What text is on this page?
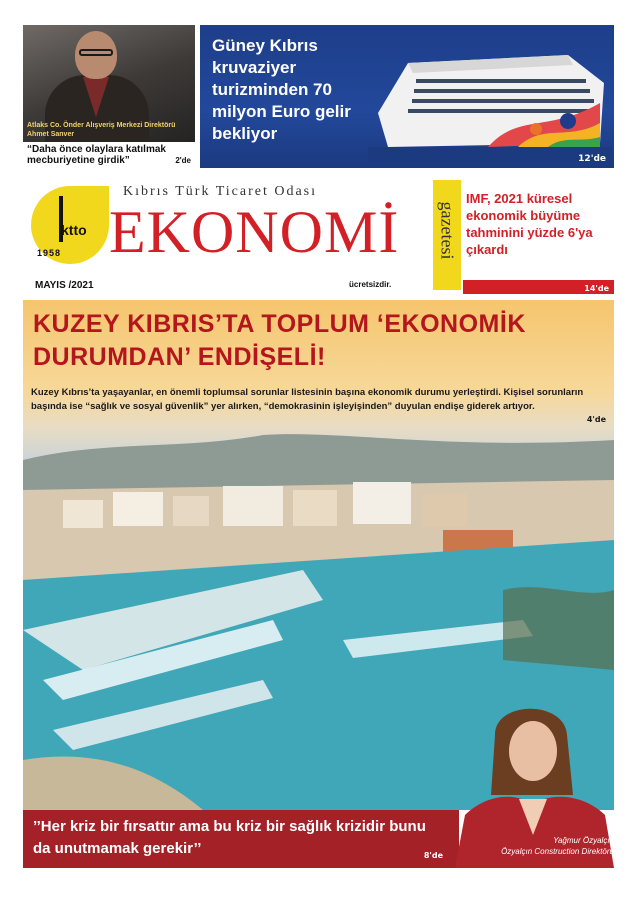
Atlaks Co. Önder Alışveriş Merkezi Direktörü Ahmet Sanver
“Daha önce olaylara katılmak mecburiyetine girdik”	2'de
Güney Kıbrıs kruvaziyer turizminden 70 milyon Euro gelir bekliyor
12'de
ktto
1958
Kıbrıs Türk Ticaret Odası
EKONOMİ gazetesi
MAYIS /2021	ücretsizdir.
IMF, 2021 küresel ekonomik büyüme tahminini yüzde 6'ya çıkardı
14'de
KUZEY KIBRIS’TA TOPLUM ‘EKONOMİK DURUMDAN’ ENDİŞELİ!
Kuzey Kıbrıs’ta yaşayanlar, en önemli toplumsal sorunlar listesinin başına ekonomik durumu yerleştirdi. Kişisel sorunların başında ise “sağlık ve sosyal güvenlik” yer alırken, “demokrasinin işleyişinden” duyulan endişe giderek artıyor.
4'de
’’Her kriz bir fırsattır ama bu kriz bir sağlık krizidir bunu da unutmamak gerekir’’	8'de
Yağmur Özyalçın
Özyalçın Construction Direktörü
